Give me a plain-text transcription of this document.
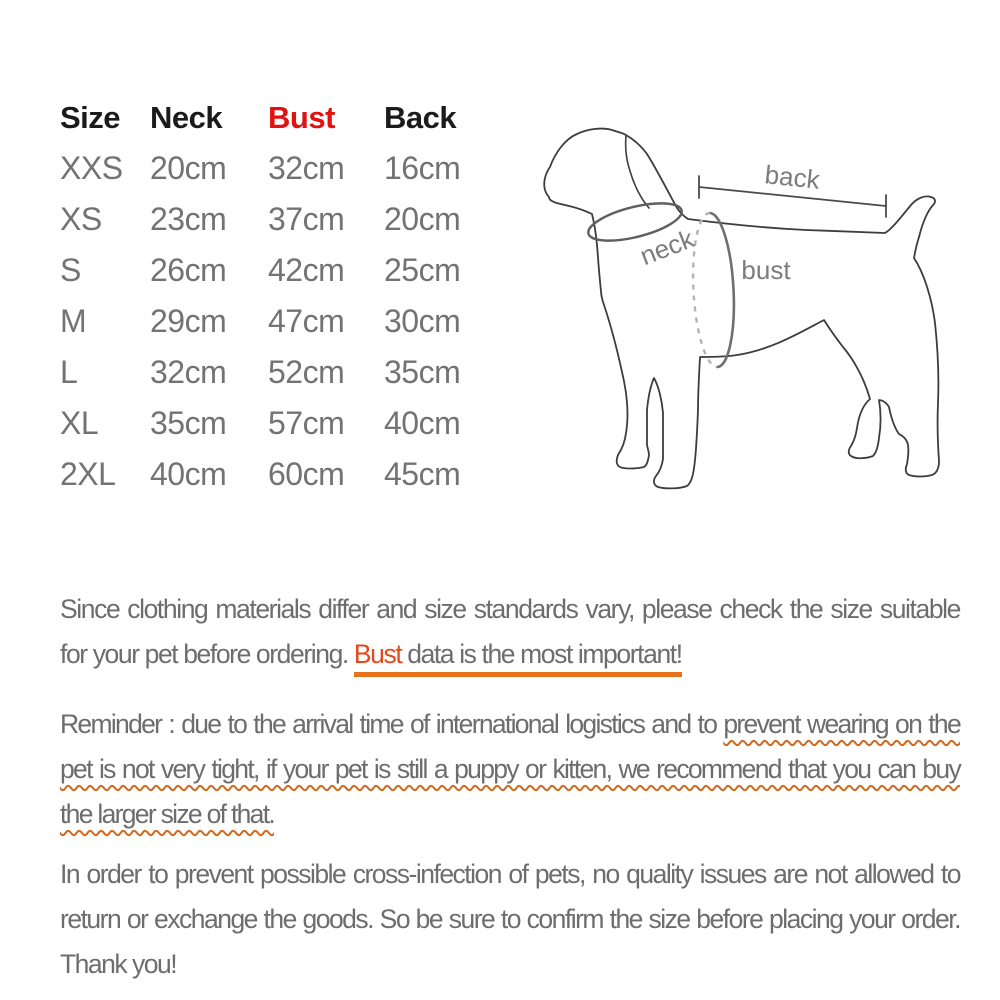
Size Neck	Bust	Back
XXS 20cm	32cm	16cm
XS	23cm	37cm	20cm
S	26cm	42cm	25cm
M	29cm	47cm	30cm
L	32cm	52cm	35cm
XL	35cm	57cm	40cm
2XL	40cm	60cm	45cm
back
neck bust

Since clothing materials differ and size standards vary, please check the size suitable for your pet before ordering. Bust data is the most important!

Reminder : due to the arrival time of international logistics and to prevent wearing on the pet is not very tight, if your pet is still a puppy or kitten, we recommend that you can buy the larger size of that.

In order to prevent possible cross-infection of pets, no quality issues are not allowed to return or exchange the goods. So be sure to confirm the size before placing your order. Thank you!
